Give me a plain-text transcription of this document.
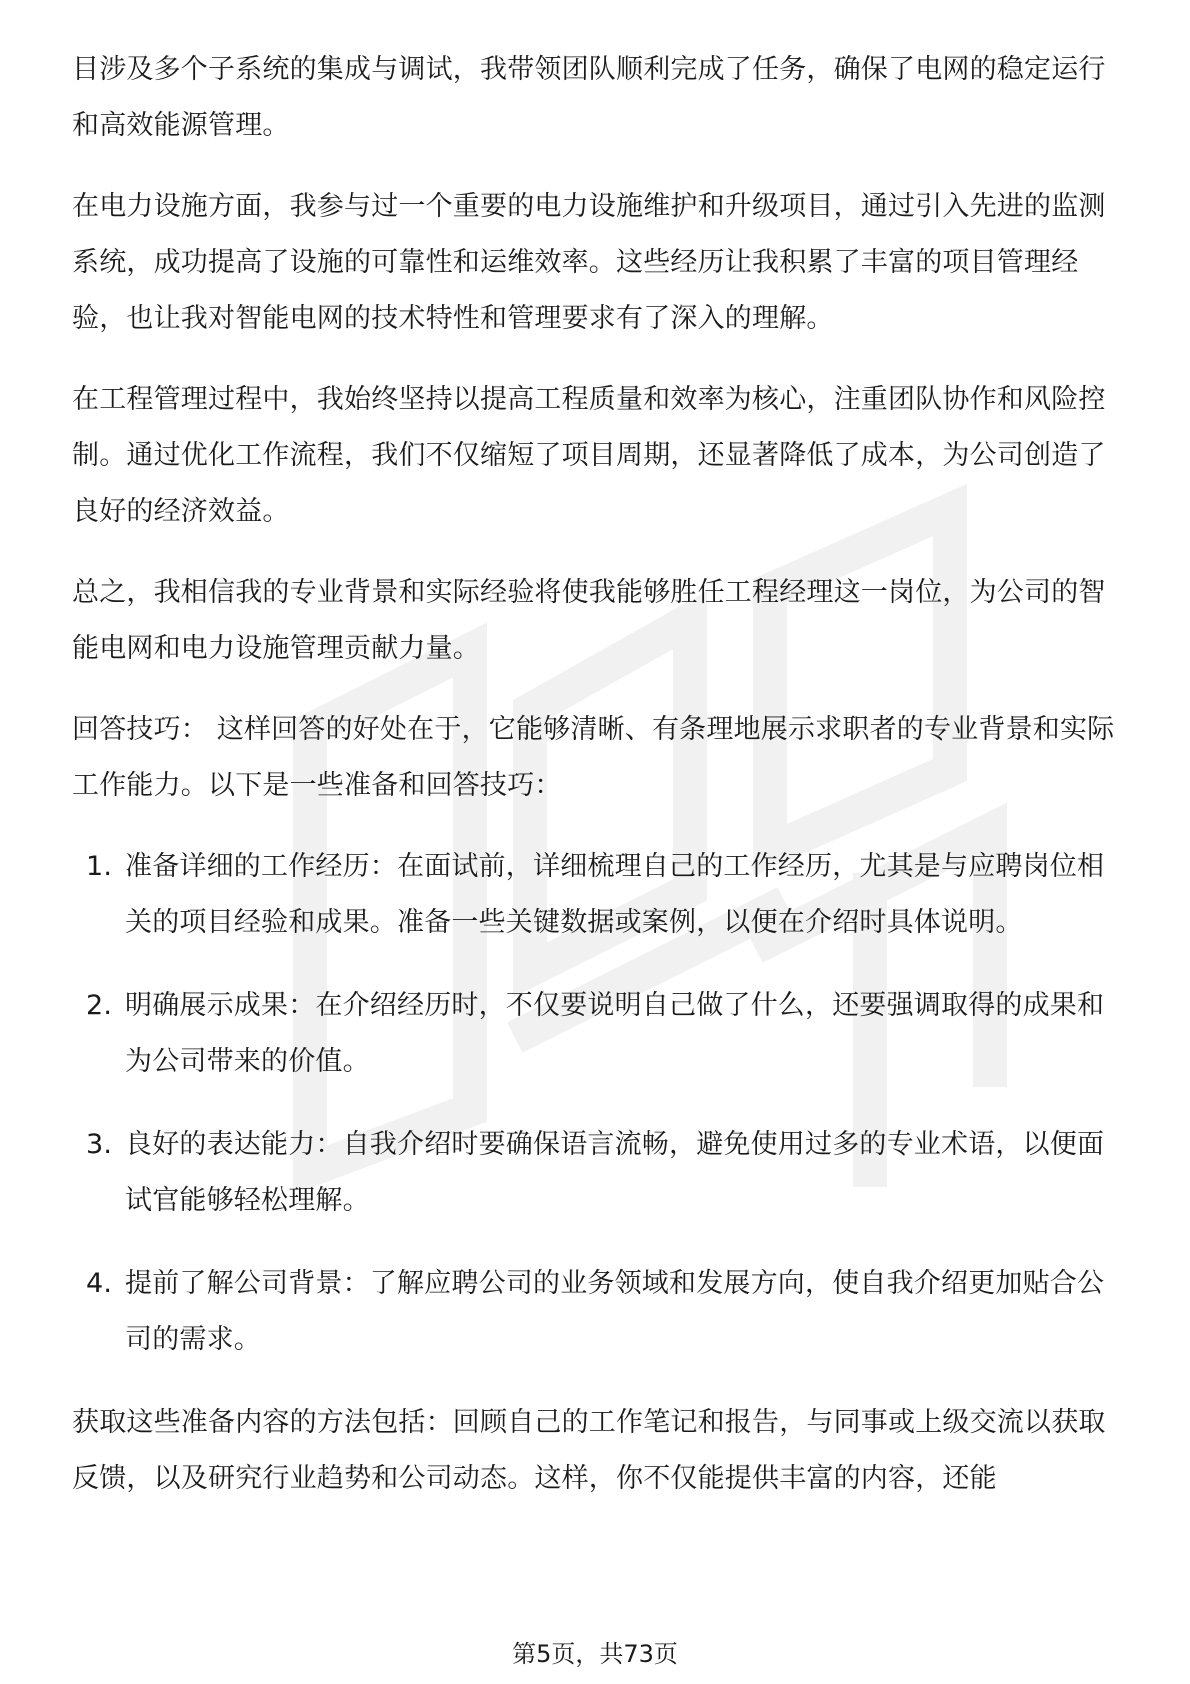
目涉及多个子系统的集成与调试，我带领团队顺利完成了任务，确保了电网的稳定运行和高效能源管理。

在电力设施方面，我参与过一个重要的电力设施维护和升级项目，通过引入先进的监测系统，成功提高了设施的可靠性和运维效率。这些经历让我积累了丰富的项目管理经验，也让我对智能电网的技术特性和管理要求有了深入的理解。

在工程管理过程中，我始终坚持以提高工程质量和效率为核心，注重团队协作和风险控制。通过优化工作流程，我们不仅缩短了项目周期，还显著降低了成本，为公司创造了良好的经济效益。

总之，我相信我的专业背景和实际经验将使我能够胜任工程经理这一岗位，为公司的智能电网和电力设施管理贡献力量。

回答技巧： 这样回答的好处在于，它能够清晰、有条理地展示求职者的专业背景和实际工作能力。以下是一些准备和回答技巧：

1. 准备详细的工作经历：在面试前，详细梳理自己的工作经历，尤其是与应聘岗位相关的项目经验和成果。准备一些关键数据或案例，以便在介绍时具体说明。
2. 明确展示成果：在介绍经历时，不仅要说明自己做了什么，还要强调取得的成果和为公司带来的价值。
3. 良好的表达能力：自我介绍时要确保语言流畅，避免使用过多的专业术语，以便面试官能够轻松理解。
4. 提前了解公司背景：了解应聘公司的业务领域和发展方向，使自我介绍更加贴合公司的需求。

获取这些准备内容的方法包括：回顾自己的工作笔记和报告，与同事或上级交流以获取反馈，以及研究行业趋势和公司动态。这样，你不仅能提供丰富的内容，还能

第5页，共73页
